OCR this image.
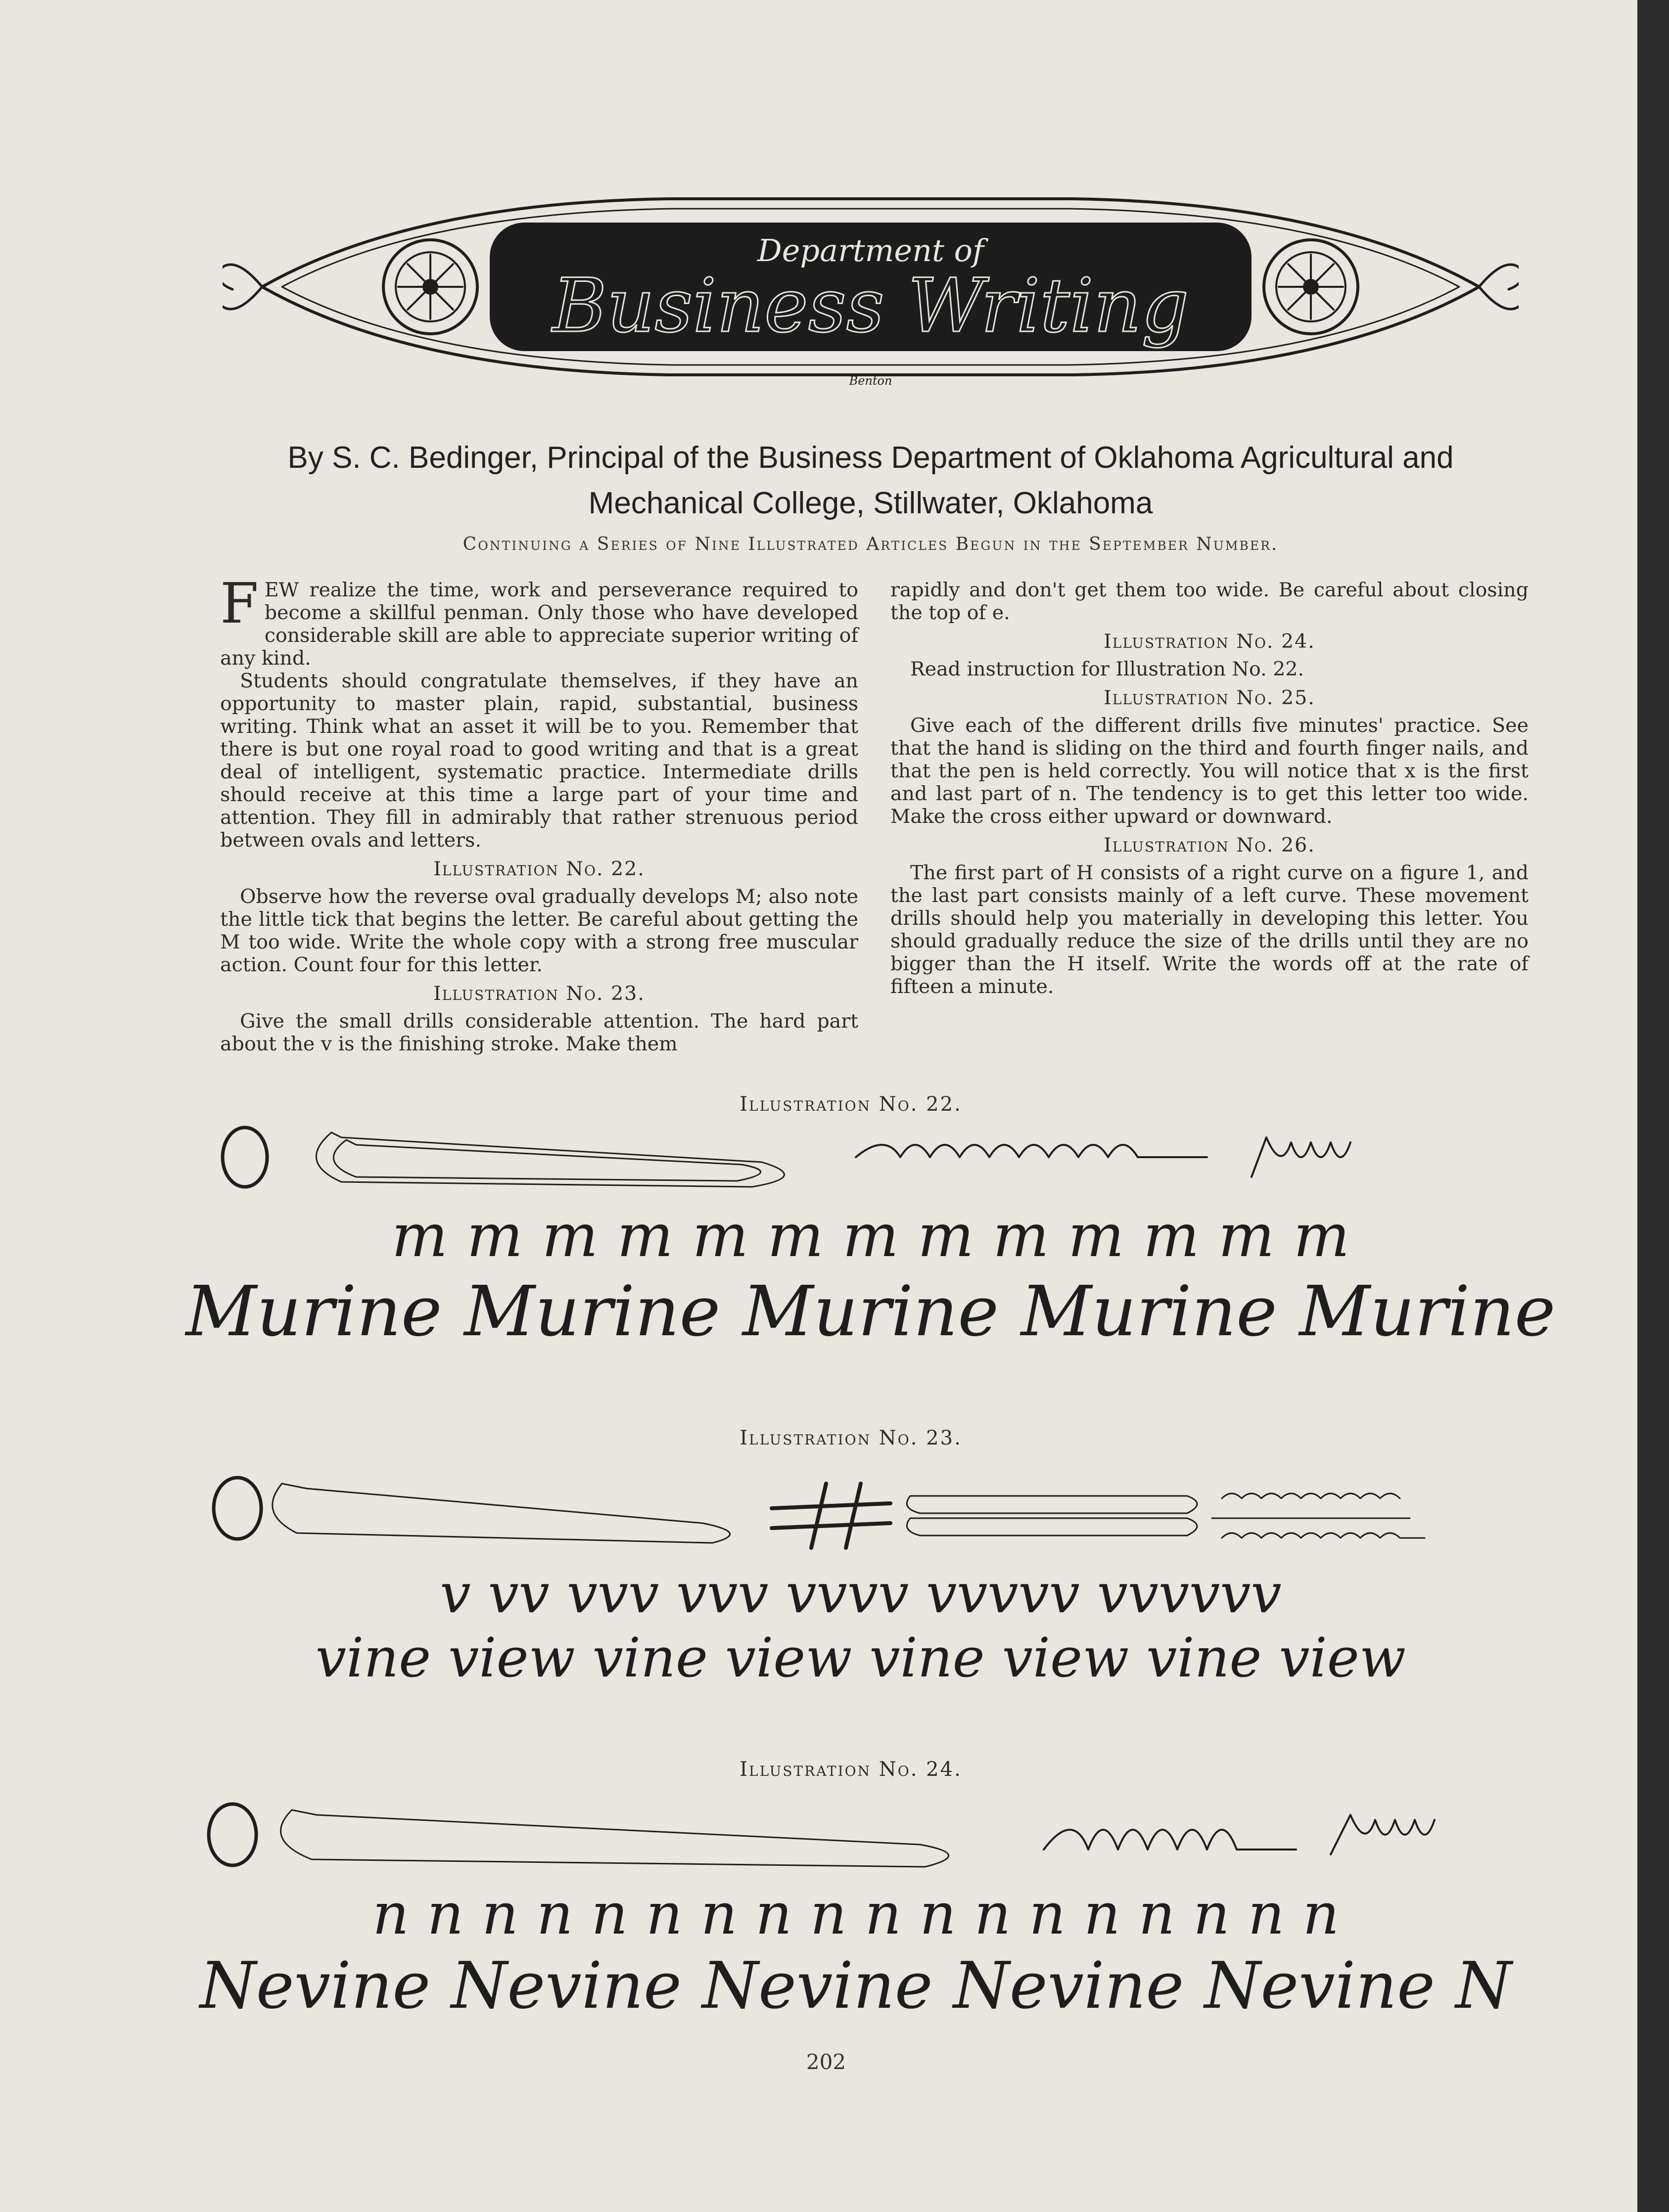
Department of
Business Writing
Benton
By S. C. Bedinger, Principal of the Business Department of Oklahoma Agricultural and
Mechanical College, Stillwater, Oklahoma
Continuing a Series of Nine Illustrated Articles Begun in the September Number.

FEW realize the time, work and perseverance required to become a skillful penman. Only those who have developed considerable skill are able to appreciate superior writing of any kind.

Students should congratulate themselves, if they have an opportunity to master plain, rapid, substantial, business writing. Think what an asset it will be to you. Remember that there is but one royal road to good writing and that is a great deal of intelligent, systematic practice. Intermediate drills should receive at this time a large part of your time and attention. They fill in admirably that rather strenuous period between ovals and letters.

Illustration No. 22.

Observe how the reverse oval gradually develops M; also note the little tick that begins the letter. Be careful about getting the M too wide. Write the whole copy with a strong free muscular action. Count four for this letter.

Illustration No. 23.

Give the small drills considerable attention. The hard part about the v is the finishing stroke. Make them

rapidly and don't get them too wide. Be careful about closing the top of e.

Illustration No. 24.

Read instruction for Illustration No. 22.

Illustration No. 25.

Give each of the different drills five minutes' practice. See that the hand is sliding on the third and fourth finger nails, and that the pen is held correctly. You will notice that x is the first and last part of n. The tendency is to get this letter too wide. Make the cross either upward or downward.

Illustration No. 26.

The first part of H consists of a right curve on a figure 1, and the last part consists mainly of a left curve. These movement drills should help you materially in developing this letter. You should gradually reduce the size of the drills until they are no bigger than the H itself. Write the words off at the rate of fifteen a minute.

Illustration No. 22.
m m m m m m m m m m m m m
Murine Murine Murine Murine Murine
Illustration No. 23.
v vv vvv vvv vvvv vvvvv vvvvvv
vine view vine view vine view vine view
Illustration No. 24.
n n n n n n n n n n n n n n n n n n
Nevine Nevine Nevine Nevine Nevine N
202
